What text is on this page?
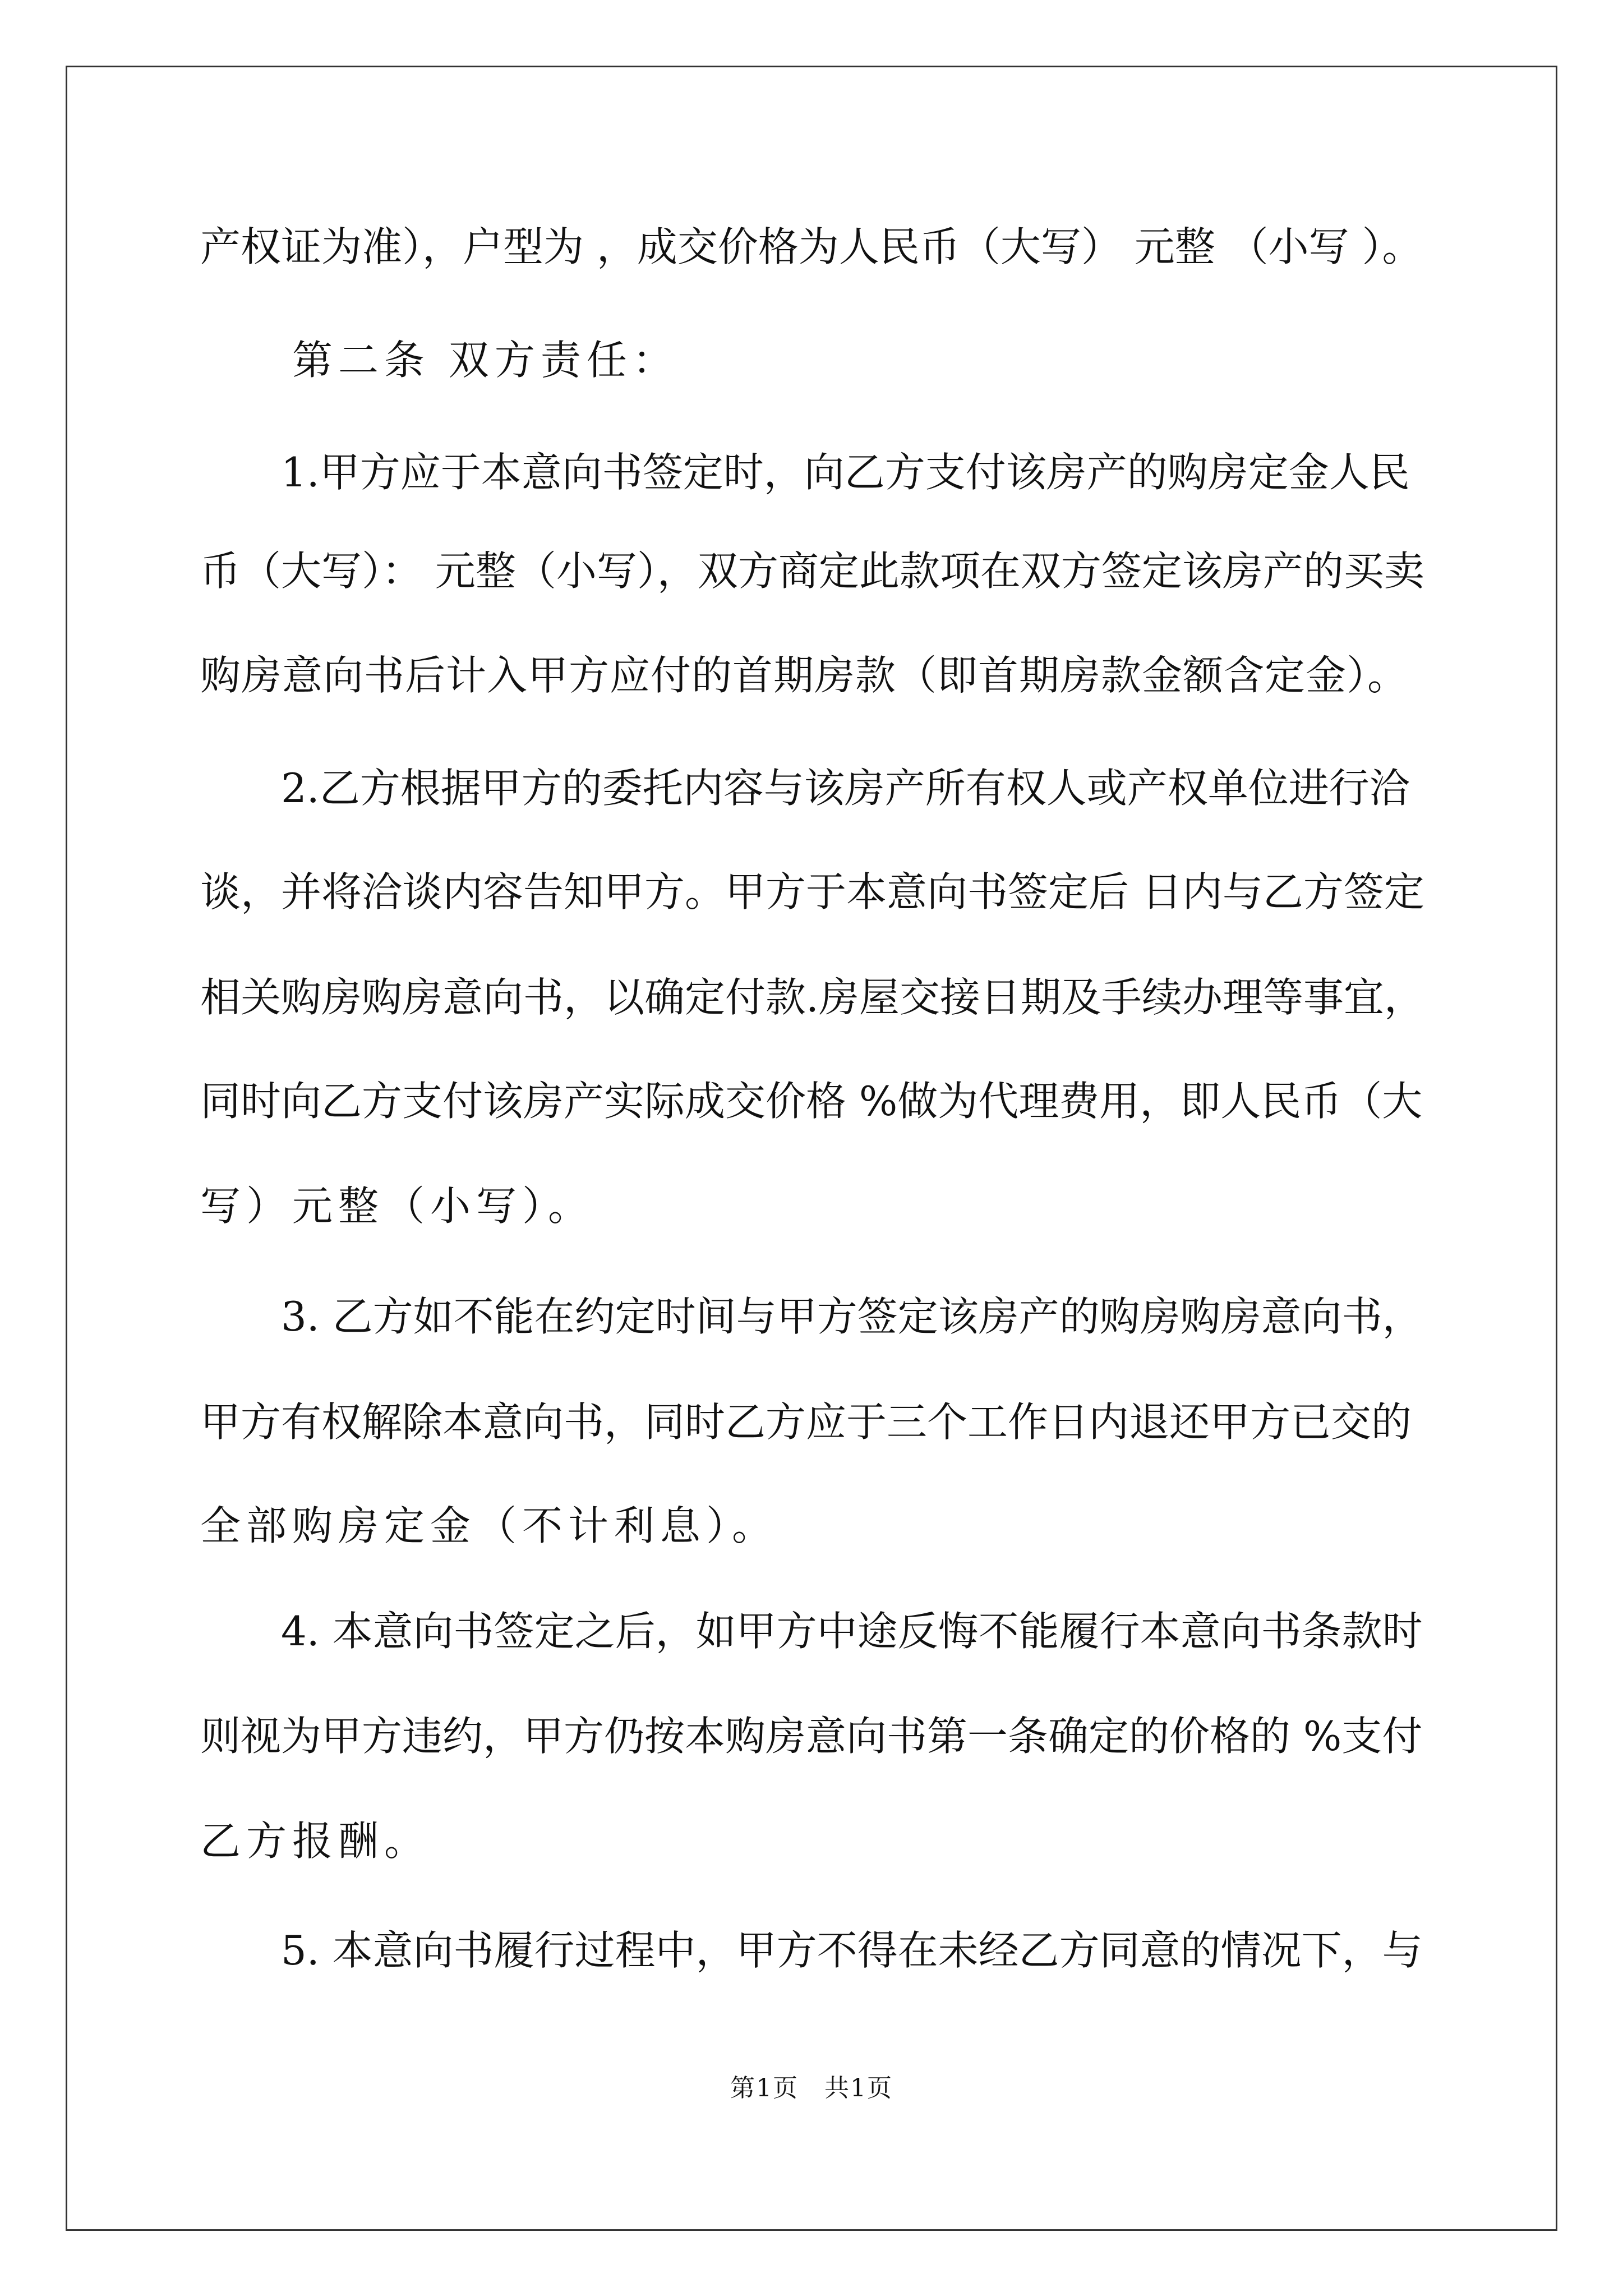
产权证为准），户型为 ，成交价格为人民币（大写） 元整 （小写 ）。
　　第二条 双方责任：
　　1.甲方应于本意向书签定时，向乙方支付该房产的购房定金人民
币（大写）： 元整（小写），双方商定此款项在双方签定该房产的买卖
购房意向书后计入甲方应付的首期房款（即首期房款金额含定金）。
　　2.乙方根据甲方的委托内容与该房产所有权人或产权单位进行洽
谈，并将洽谈内容告知甲方。甲方于本意向书签定后 日内与乙方签定
相关购房购房意向书，以确定付款.房屋交接日期及手续办理等事宜，
同时向乙方支付该房产实际成交价格 %做为代理费用，即人民币（大
写）元整（小写）。
　　3. 乙方如不能在约定时间与甲方签定该房产的购房购房意向书，
甲方有权解除本意向书，同时乙方应于三个工作日内退还甲方已交的
全部购房定金（不计利息）。
　　4. 本意向书签定之后，如甲方中途反悔不能履行本意向书条款时
则视为甲方违约，甲方仍按本购房意向书第一条确定的价格的 %支付
乙方报酬。
　　5. 本意向书履行过程中，甲方不得在未经乙方同意的情况下，与
第1页　共1页
